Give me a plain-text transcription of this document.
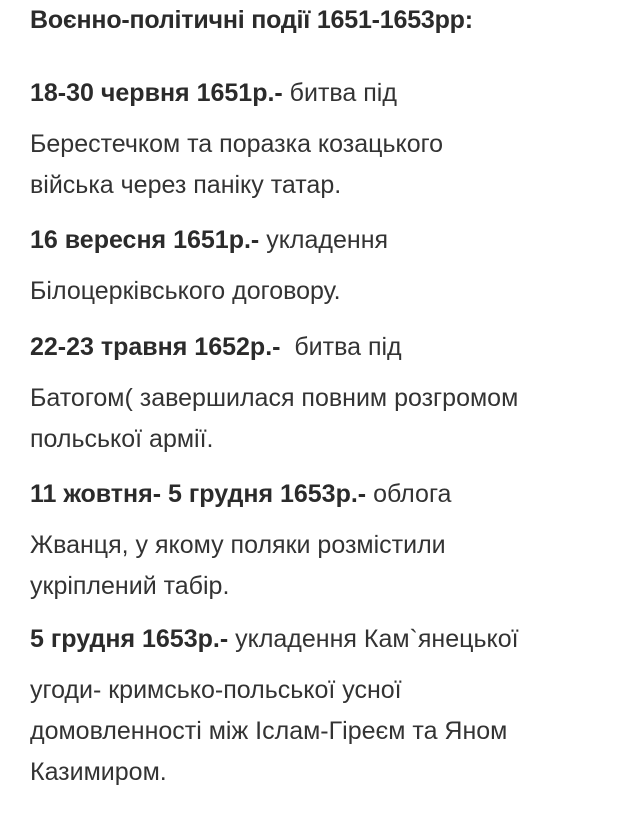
Воєнно-політичні події 1651-1653рр:
18-30 червня 1651р.- битва під
Берестечком та поразка козацького
війська через паніку татар.
16 вересня 1651р.- укладення
Білоцерківського договору.
22-23 травня 1652р.-  битва під
Батогом( завершилася повним розгромом
польської армії.
11 жовтня- 5 грудня 1653р.- облога
Жванця, у якому поляки розмістили
укріплений табір.
5 грудня 1653р.- укладення Кам`янецької
угоди- кримсько-польської усної
домовленності між Іслам-Гіреєм та Яном
Казимиром.
